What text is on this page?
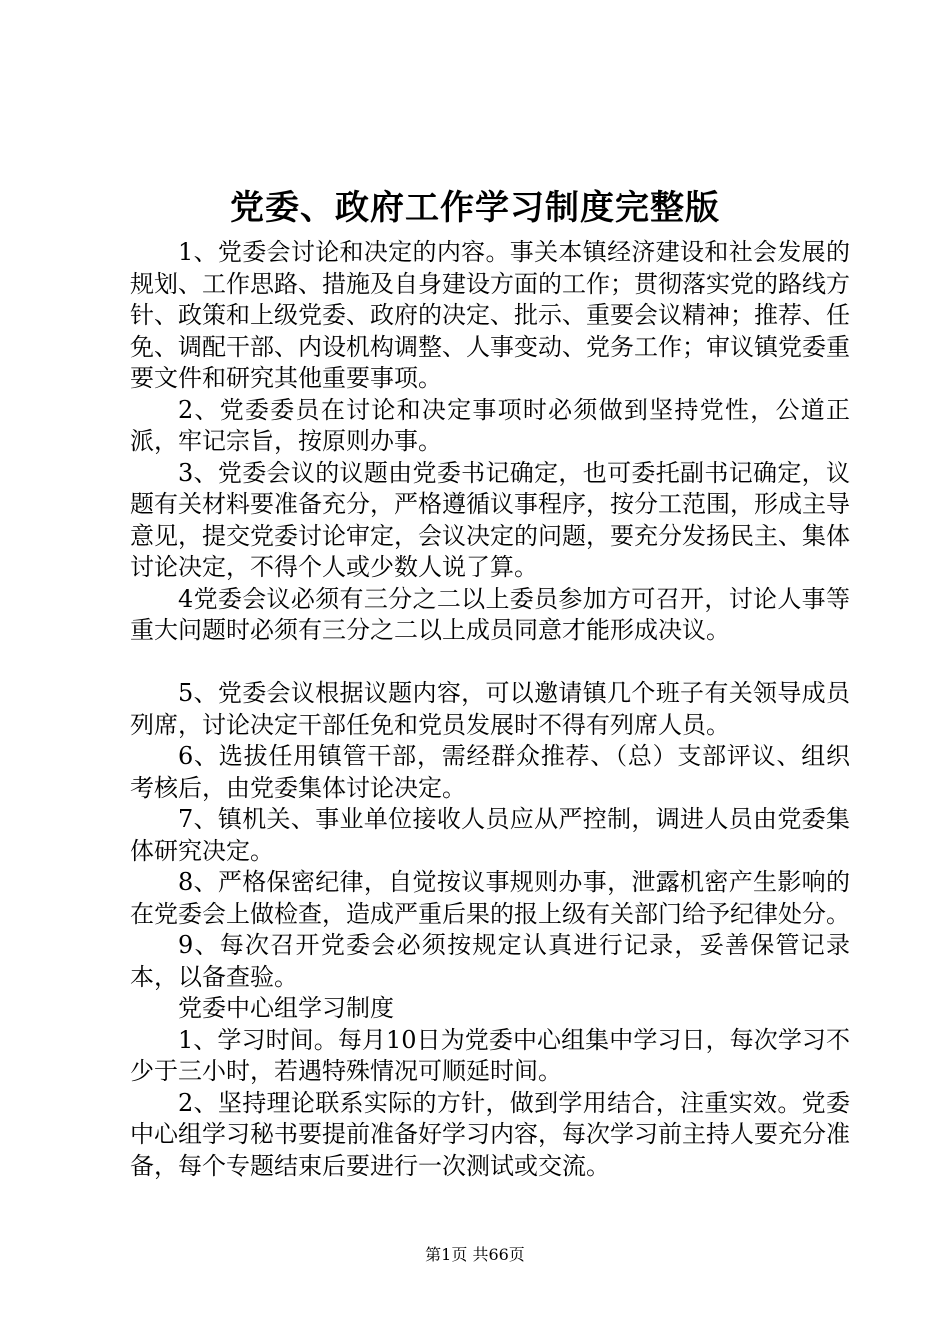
党委、政府工作学习制度完整版

1、党委会讨论和决定的内容。事关本镇经济建设和社会发展的规划、工作思路、措施及自身建设方面的工作；贯彻落实党的路线方针、政策和上级党委、政府的决定、批示、重要会议精神；推荐、任免、调配干部、内设机构调整、人事变动、党务工作；审议镇党委重要文件和研究其他重要事项。

2、党委委员在讨论和决定事项时必须做到坚持党性，公道正派，牢记宗旨，按原则办事。

3、党委会议的议题由党委书记确定，也可委托副书记确定，议题有关材料要准备充分，严格遵循议事程序，按分工范围，形成主导意见，提交党委讨论审定，会议决定的问题，要充分发扬民主、集体讨论决定，不得个人或少数人说了算。

4党委会议必须有三分之二以上委员参加方可召开，讨论人事等重大问题时必须有三分之二以上成员同意才能形成决议。

5、党委会议根据议题内容，可以邀请镇几个班子有关领导成员列席，讨论决定干部任免和党员发展时不得有列席人员。

6、选拔任用镇管干部，需经群众推荐、（总）支部评议、组织考核后，由党委集体讨论决定。

7、镇机关、事业单位接收人员应从严控制，调进人员由党委集体研究决定。

8、严格保密纪律，自觉按议事规则办事，泄露机密产生影响的在党委会上做检查，造成严重后果的报上级有关部门给予纪律处分。

9、每次召开党委会必须按规定认真进行记录，妥善保管记录本，以备查验。

党委中心组学习制度

1、学习时间。每月10日为党委中心组集中学习日，每次学习不少于三小时，若遇特殊情况可顺延时间。

2、坚持理论联系实际的方针，做到学用结合，注重实效。党委中心组学习秘书要提前准备好学习内容，每次学习前主持人要充分准备，每个专题结束后要进行一次测试或交流。

第1页 共66页
